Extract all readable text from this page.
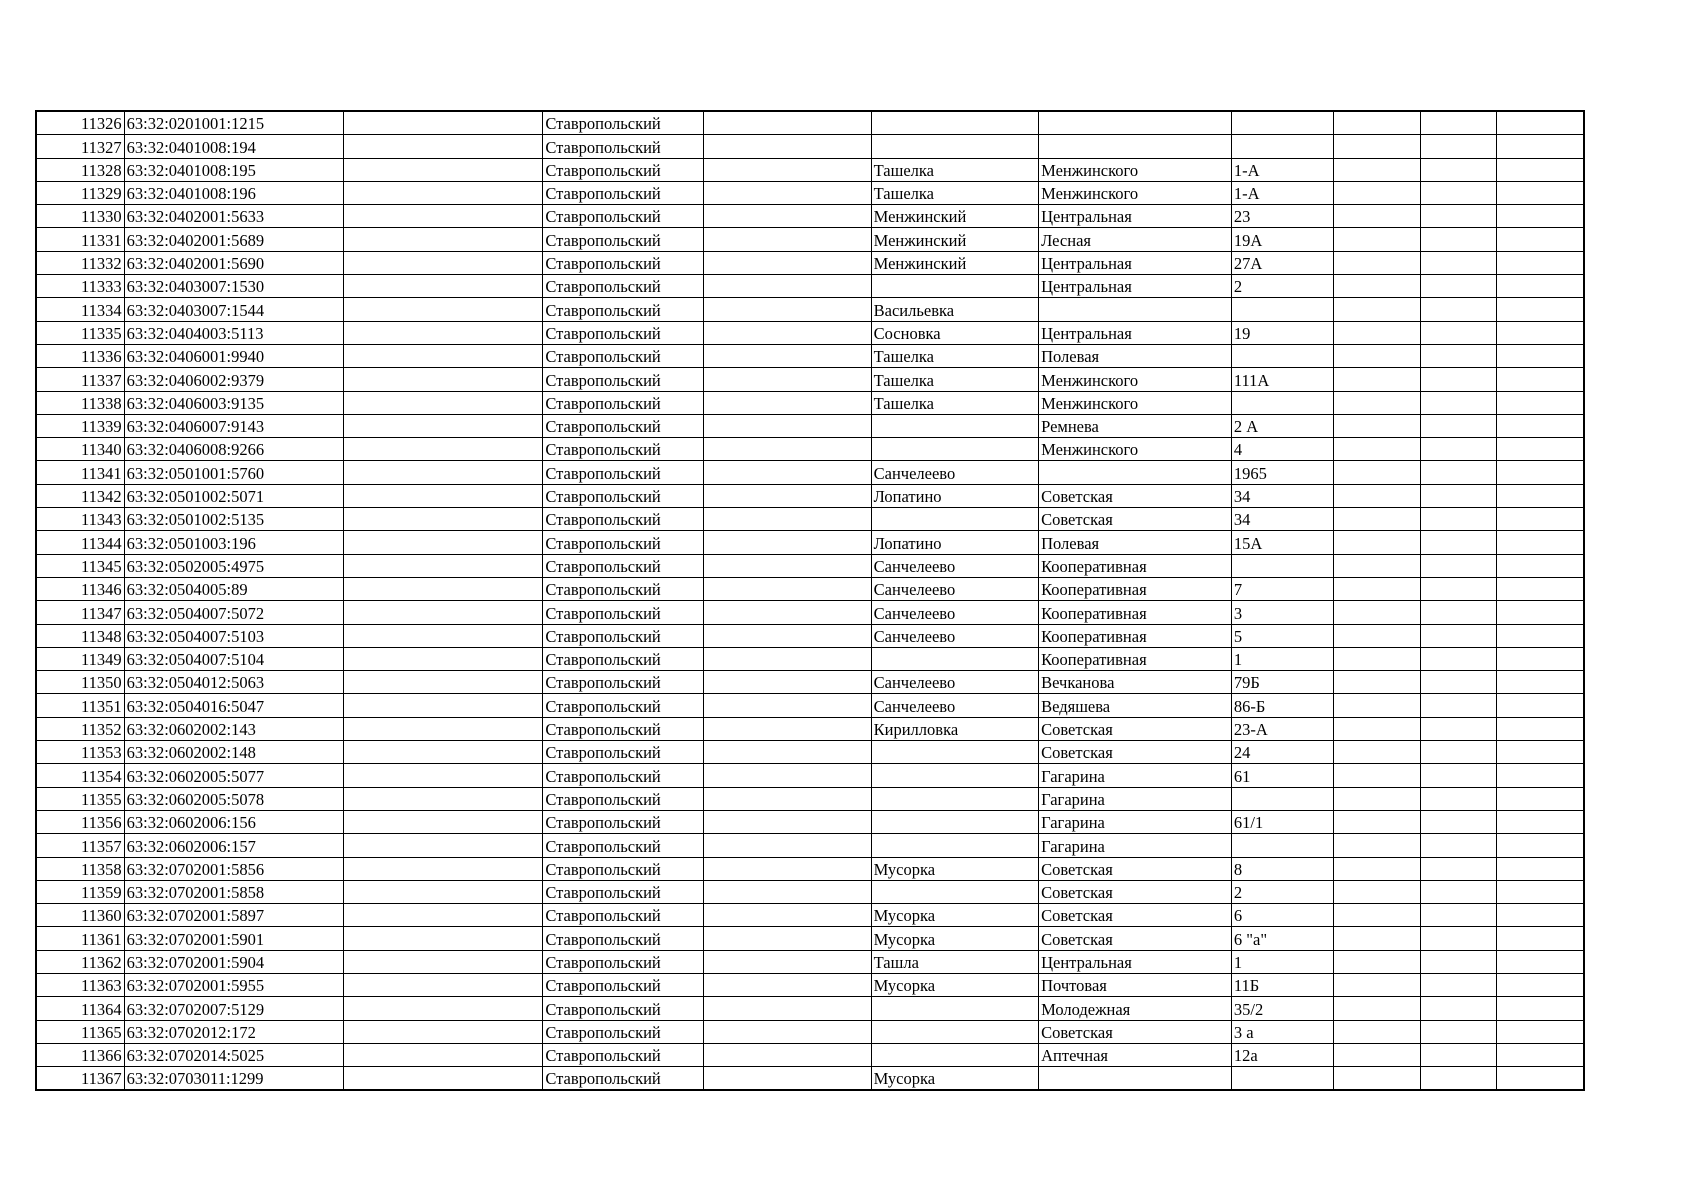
11326	63:32:0201001:1215		Ставропольский							
11327	63:32:0401008:194		Ставропольский							
11328	63:32:0401008:195		Ставропольский		Ташелка	Менжинского	1-А			
11329	63:32:0401008:196		Ставропольский		Ташелка	Менжинского	1-А			
11330	63:32:0402001:5633		Ставропольский		Менжинский	Центральная	23			
11331	63:32:0402001:5689		Ставропольский		Менжинский	Лесная	19А			
11332	63:32:0402001:5690		Ставропольский		Менжинский	Центральная	27А			
11333	63:32:0403007:1530		Ставропольский			Центральная	2			
11334	63:32:0403007:1544		Ставропольский		Васильевка					
11335	63:32:0404003:5113		Ставропольский		Сосновка	Центральная	19			
11336	63:32:0406001:9940		Ставропольский		Ташелка	Полевая				
11337	63:32:0406002:9379		Ставропольский		Ташелка	Менжинского	111А			
11338	63:32:0406003:9135		Ставропольский		Ташелка	Менжинского				
11339	63:32:0406007:9143		Ставропольский			Ремнева	2 А			
11340	63:32:0406008:9266		Ставропольский			Менжинского	4			
11341	63:32:0501001:5760		Ставропольский		Санчелеево		1965			
11342	63:32:0501002:5071		Ставропольский		Лопатино	Советская	34			
11343	63:32:0501002:5135		Ставропольский			Советская	34			
11344	63:32:0501003:196		Ставропольский		Лопатино	Полевая	15А			
11345	63:32:0502005:4975		Ставропольский		Санчелеево	Кооперативная				
11346	63:32:0504005:89		Ставропольский		Санчелеево	Кооперативная	7			
11347	63:32:0504007:5072		Ставропольский		Санчелеево	Кооперативная	3			
11348	63:32:0504007:5103		Ставропольский		Санчелеево	Кооперативная	5			
11349	63:32:0504007:5104		Ставропольский			Кооперативная	1			
11350	63:32:0504012:5063		Ставропольский		Санчелеево	Вечканова	79Б			
11351	63:32:0504016:5047		Ставропольский		Санчелеево	Ведяшева	86-Б			
11352	63:32:0602002:143		Ставропольский		Кирилловка	Советская	23-А			
11353	63:32:0602002:148		Ставропольский			Советская	24			
11354	63:32:0602005:5077		Ставропольский			Гагарина	61			
11355	63:32:0602005:5078		Ставропольский			Гагарина				
11356	63:32:0602006:156		Ставропольский			Гагарина	61/1			
11357	63:32:0602006:157		Ставропольский			Гагарина				
11358	63:32:0702001:5856		Ставропольский		Мусорка	Советская	8			
11359	63:32:0702001:5858		Ставропольский			Советская	2			
11360	63:32:0702001:5897		Ставропольский		Мусорка	Советская	6			
11361	63:32:0702001:5901		Ставропольский		Мусорка	Советская	6 "а"			
11362	63:32:0702001:5904		Ставропольский		Ташла	Центральная	1			
11363	63:32:0702001:5955		Ставропольский		Мусорка	Почтовая	11Б			
11364	63:32:0702007:5129		Ставропольский			Молодежная	35/2			
11365	63:32:0702012:172		Ставропольский			Советская	3 а			
11366	63:32:0702014:5025		Ставропольский			Аптечная	12а			
11367	63:32:0703011:1299		Ставропольский		Мусорка					
